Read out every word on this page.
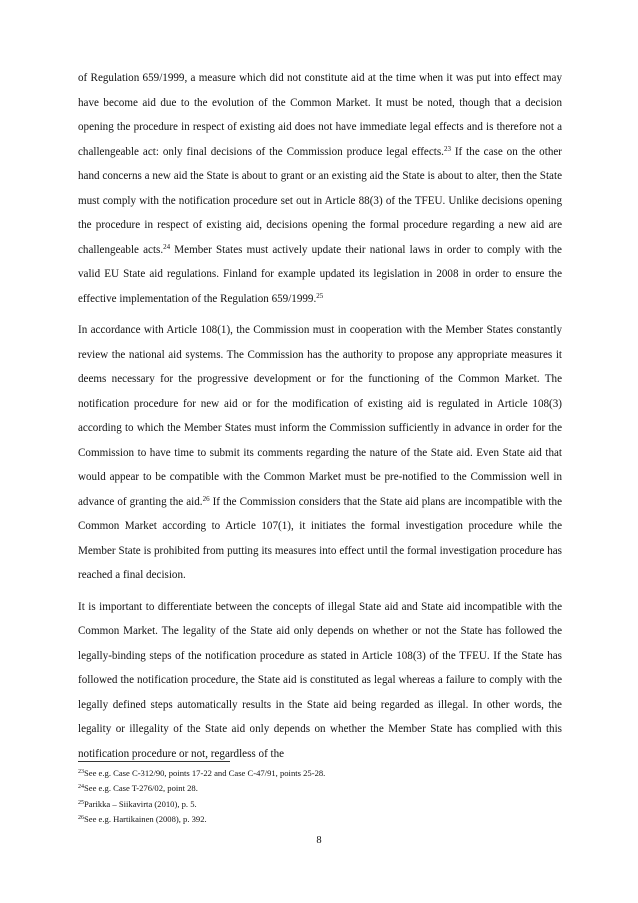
of Regulation 659/1999, a measure which did not constitute aid at the time when it was put into effect may have become aid due to the evolution of the Common Market. It must be noted, though that a decision opening the procedure in respect of existing aid does not have immediate legal effects and is therefore not a challengeable act: only final decisions of the Commission produce legal effects.$^{23}$ If the case on the other hand concerns a new aid the State is about to grant or an existing aid the State is about to alter, then the State must comply with the notification procedure set out in Article 88(3) of the TFEU. Unlike decisions opening the procedure in respect of existing aid, decisions opening the formal procedure regarding a new aid are challengeable acts.$^{24}$ Member States must actively update their national laws in order to comply with the valid EU State aid regulations. Finland for example updated its legislation in 2008 in order to ensure the effective implementation of the Regulation 659/1999.25

In accordance with Article 108(1), the Commission must in cooperation with the Member States constantly review the national aid systems. The Commission has the authority to propose any appropriate measures it deems necessary for the progressive development or for the functioning of the Common Market. The notification procedure for new aid or for the modification of existing aid is regulated in Article 108(3) according to which the Member States must inform the Commission sufficiently in advance in order for the Commission to have time to submit its comments regarding the nature of the State aid. Even State aid that would appear to be compatible with the Common Market must be pre-notified to the Commission well in advance of granting the aid.$^{26}$ If the Commission considers that the State aid plans are incompatible with the Common Market according to Article 107(1), it initiates the formal investigation procedure while the Member State is prohibited from putting its measures into effect until the formal investigation procedure has reached a final decision.

It is important to differentiate between the concepts of illegal State aid and State aid incompatible with the Common Market. The legality of the State aid only depends on whether or not the State has followed the legally-binding steps of the notification procedure as stated in Article 108(3) of the TFEU. If the State has followed the notification procedure, the State aid is constituted as legal whereas a failure to comply with the legally defined steps automatically results in the State aid being regarded as illegal. In other words, the legality or illegality of the State aid only depends on whether the Member State has complied with this notification procedure or not, regardless of the

$^{23}$See e.g. Case C-312/90, points 17-22 and Case C-47/91, points 25-28.
$^{24}$See e.g. Case T-276/02, point 28.
$^{25}$Parikka – Siikavirta (2010), p. 5.
$^{26}$See e.g. Hartikainen (2008), p. 392.
8
